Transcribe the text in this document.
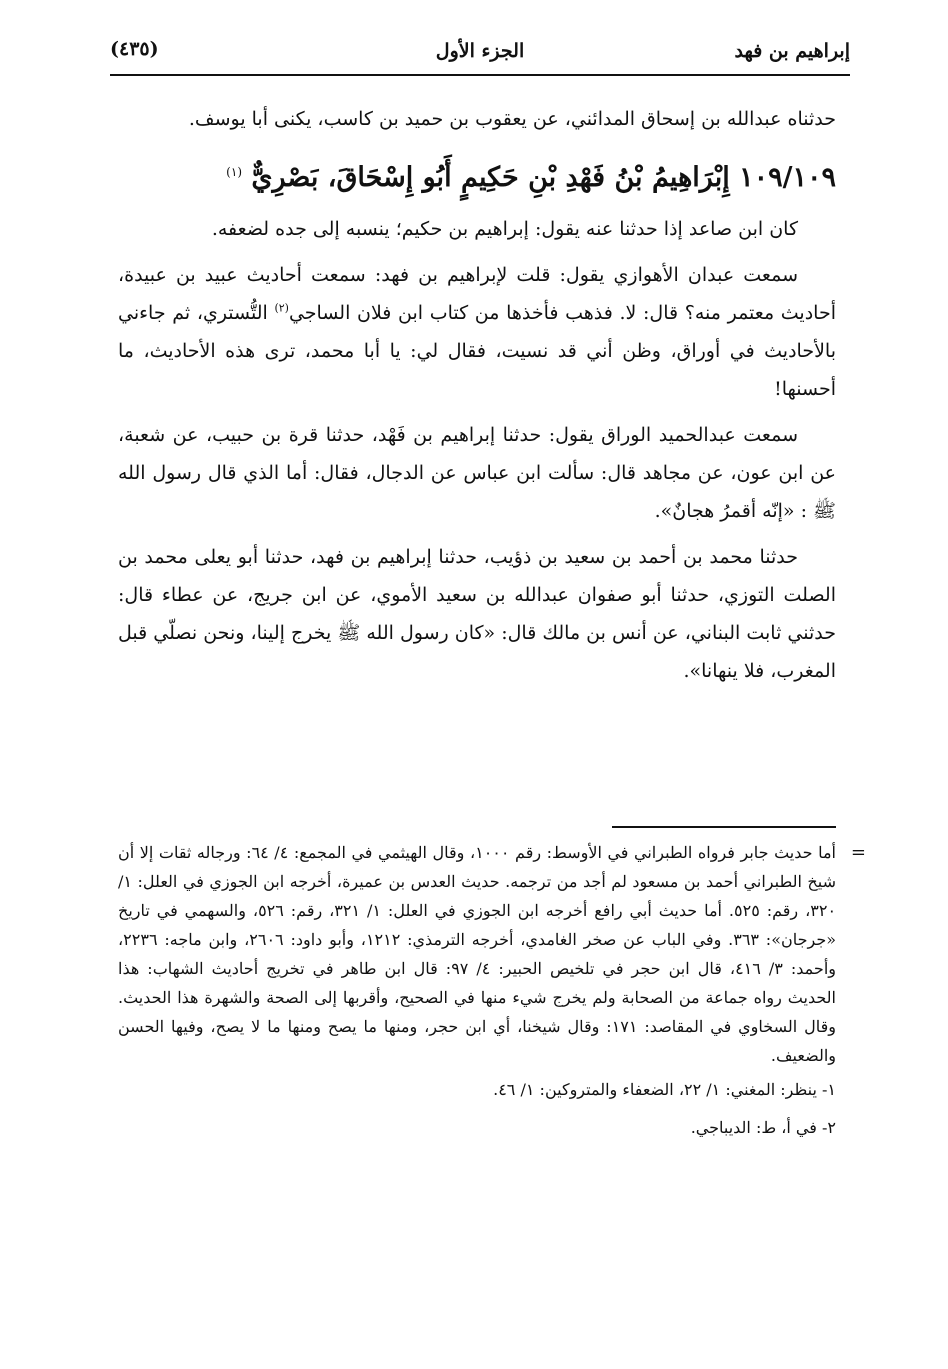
إبراهيم بن فهد
الجزء الأول
(٤٣٥)

حدثناه عبدالله بن إسحاق المدائني، عن يعقوب بن حميد بن كاسب، يكنى أبا يوسف.

١٠٩/١٠٩ إِبْرَاهِيمُ بْنُ فَهْدِ بْنِ حَكِيمٍ أَبُو إِسْحَاقَ، بَصْرِيٌّ $^{(١)}$

كان ابن صاعد إذا حدثنا عنه يقول: إبراهيم بن حكيم؛ ينسبه إلى جده لضعفه.

سمعت عبدان الأهوازي يقول: قلت لإبراهيم بن فهد: سمعت أحاديث عبيد بن عبيدة، أحاديث معتمر منه؟ قال: لا. فذهب فأخذها من كتاب ابن فلان الساجي$^{(٢)}$ التُّستري، ثم جاءني بالأحاديث في أوراق، وظن أني قد نسيت، فقال لي: يا أبا محمد، ترى هذه الأحاديث، ما أحسنها!

سمعت عبدالحميد الوراق يقول: حدثنا إبراهيم بن فَهْد، حدثنا قرة بن حبيب، عن شعبة، عن ابن عون، عن مجاهد قال: سألت ابن عباس عن الدجال، فقال: أما الذي قال رسول الله ﷺ : «إنّه أقمرُ هجانٌ».

حدثنا محمد بن أحمد بن سعيد بن ذؤيب، حدثنا إبراهيم بن فهد، حدثنا أبو يعلى محمد بن الصلت التوزي، حدثنا أبو صفوان عبدالله بن سعيد الأموي، عن ابن جريج، عن عطاء قال: حدثني ثابت البناني، عن أنس بن مالك قال: «كان رسول الله ﷺ يخرج إلينا، ونحن نصلّي قبل المغرب، فلا ينهانا».

=

أما حديث جابر فرواه الطبراني في الأوسط: رقم ١٠٠٠، وقال الهيثمي في المجمع: ٤/ ٦٤: ورجاله ثقات إلا أن شيخ الطبراني أحمد بن مسعود لم أجد من ترجمه. حديث العدس بن عميرة، أخرجه ابن الجوزي في العلل: ١/ ٣٢٠، رقم: ٥٢٥. أما حديث أبي رافع أخرجه ابن الجوزي في العلل: ١/ ٣٢١، رقم: ٥٢٦، والسهمي في تاريخ «جرجان»: ٣٦٣. وفي الباب عن صخر الغامدي، أخرجه الترمذي: ١٢١٢، وأبو داود: ٢٦٠٦، وابن ماجه: ٢٢٣٦، وأحمد: ٣/ ٤١٦، قال ابن حجر في تلخيص الحبير: ٤/ ٩٧: قال ابن طاهر في تخريج أحاديث الشهاب: هذا الحديث رواه جماعة من الصحابة ولم يخرج شيء منها في الصحيح، وأقربها إلى الصحة والشهرة هذا الحديث. وقال السخاوي في المقاصد: ١٧١: وقال شيخنا، أي ابن حجر، ومنها ما يصح ومنها ما لا يصح، وفيها الحسن والضعيف.

١- ينظر: المغني: ١/ ٢٢، الضعفاء والمتروكين: ١/ ٤٦.

٢- في أ، ط: الديباجي.
